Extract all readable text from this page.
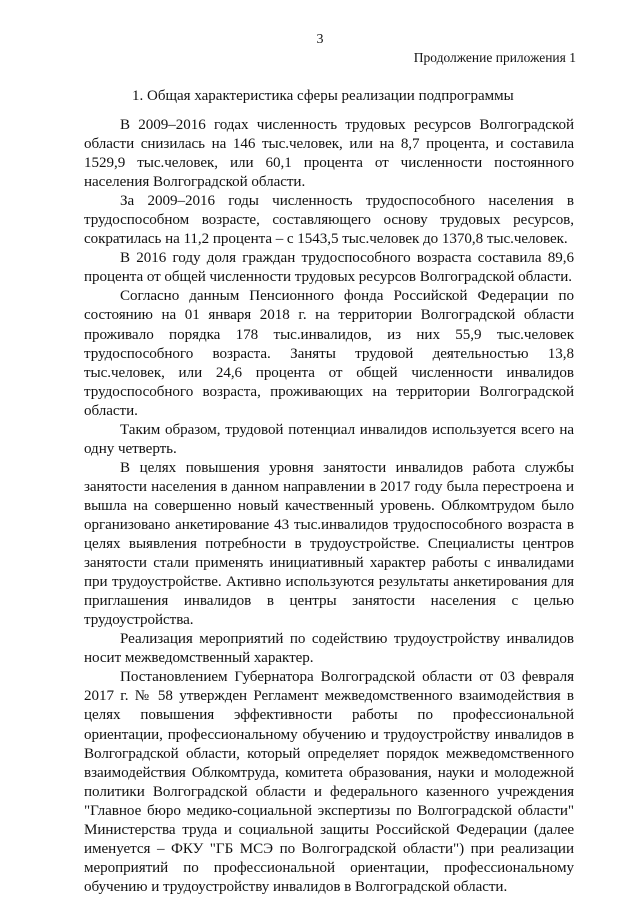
3
Продолжение приложения 1
1. Общая характеристика сферы реализации подпрограммы

В 2009–2016 годах численность трудовых ресурсов Волгоградской области снизилась на 146 тыс.человек, или на 8,7 процента, и составила 1529,9 тыс.человек, или 60,1 процента от численности постоянного населения Волгоградской области.

За 2009–2016 годы численность трудоспособного населения в трудоспособном возрасте, составляющего основу трудовых ресурсов, сократилась на 11,2 процента – с 1543,5 тыс.человек до 1370,8 тыс.человек.

В 2016 году доля граждан трудоспособного возраста составила 89,6 процента от общей численности трудовых ресурсов Волгоградской области.

Согласно данным Пенсионного фонда Российской Федерации по состоянию на 01 января 2018 г. на территории Волгоградской области проживало порядка 178 тыс.инвалидов, из них 55,9 тыс.человек трудоспособного возраста. Заняты трудовой деятельностью 13,8 тыс.человек, или 24,6 процента от общей численности инвалидов трудоспособного возраста, проживающих на территории Волгоградской области.

Таким образом, трудовой потенциал инвалидов используется всего на одну четверть.

В целях повышения уровня занятости инвалидов работа службы занятости населения в данном направлении в 2017 году была перестроена и вышла на совершенно новый качественный уровень. Облкомтрудом было организовано анкетирование 43 тыс.инвалидов трудоспособного возраста в целях выявления потребности в трудоустройстве. Специалисты центров занятости стали применять инициативный характер работы с инвалидами при трудоустройстве. Активно используются результаты анкетирования для приглашения инвалидов в центры занятости населения с целью трудоустройства.

Реализация мероприятий по содействию трудоустройству инвалидов носит межведомственный характер.

Постановлением Губернатора Волгоградской области от 03 февраля 2017 г. № 58 утвержден Регламент межведомственного взаимодействия в целях повышения эффективности работы по профессиональной ориентации, профессиональному обучению и трудоустройству инвалидов в Волгоградской области, который определяет порядок межведомственного взаимодействия Облкомтруда, комитета образования, науки и молодежной политики Волгоградской области и федерального казенного учреждения "Главное бюро медико-социальной экспертизы по Волгоградской области" Министерства труда и социальной защиты Российской Федерации (далее именуется – ФКУ "ГБ МСЭ по Волгоградской области") при реализации мероприятий по профессиональной ориентации, профессиональному обучению и трудоустройству инвалидов в Волгоградской области.
